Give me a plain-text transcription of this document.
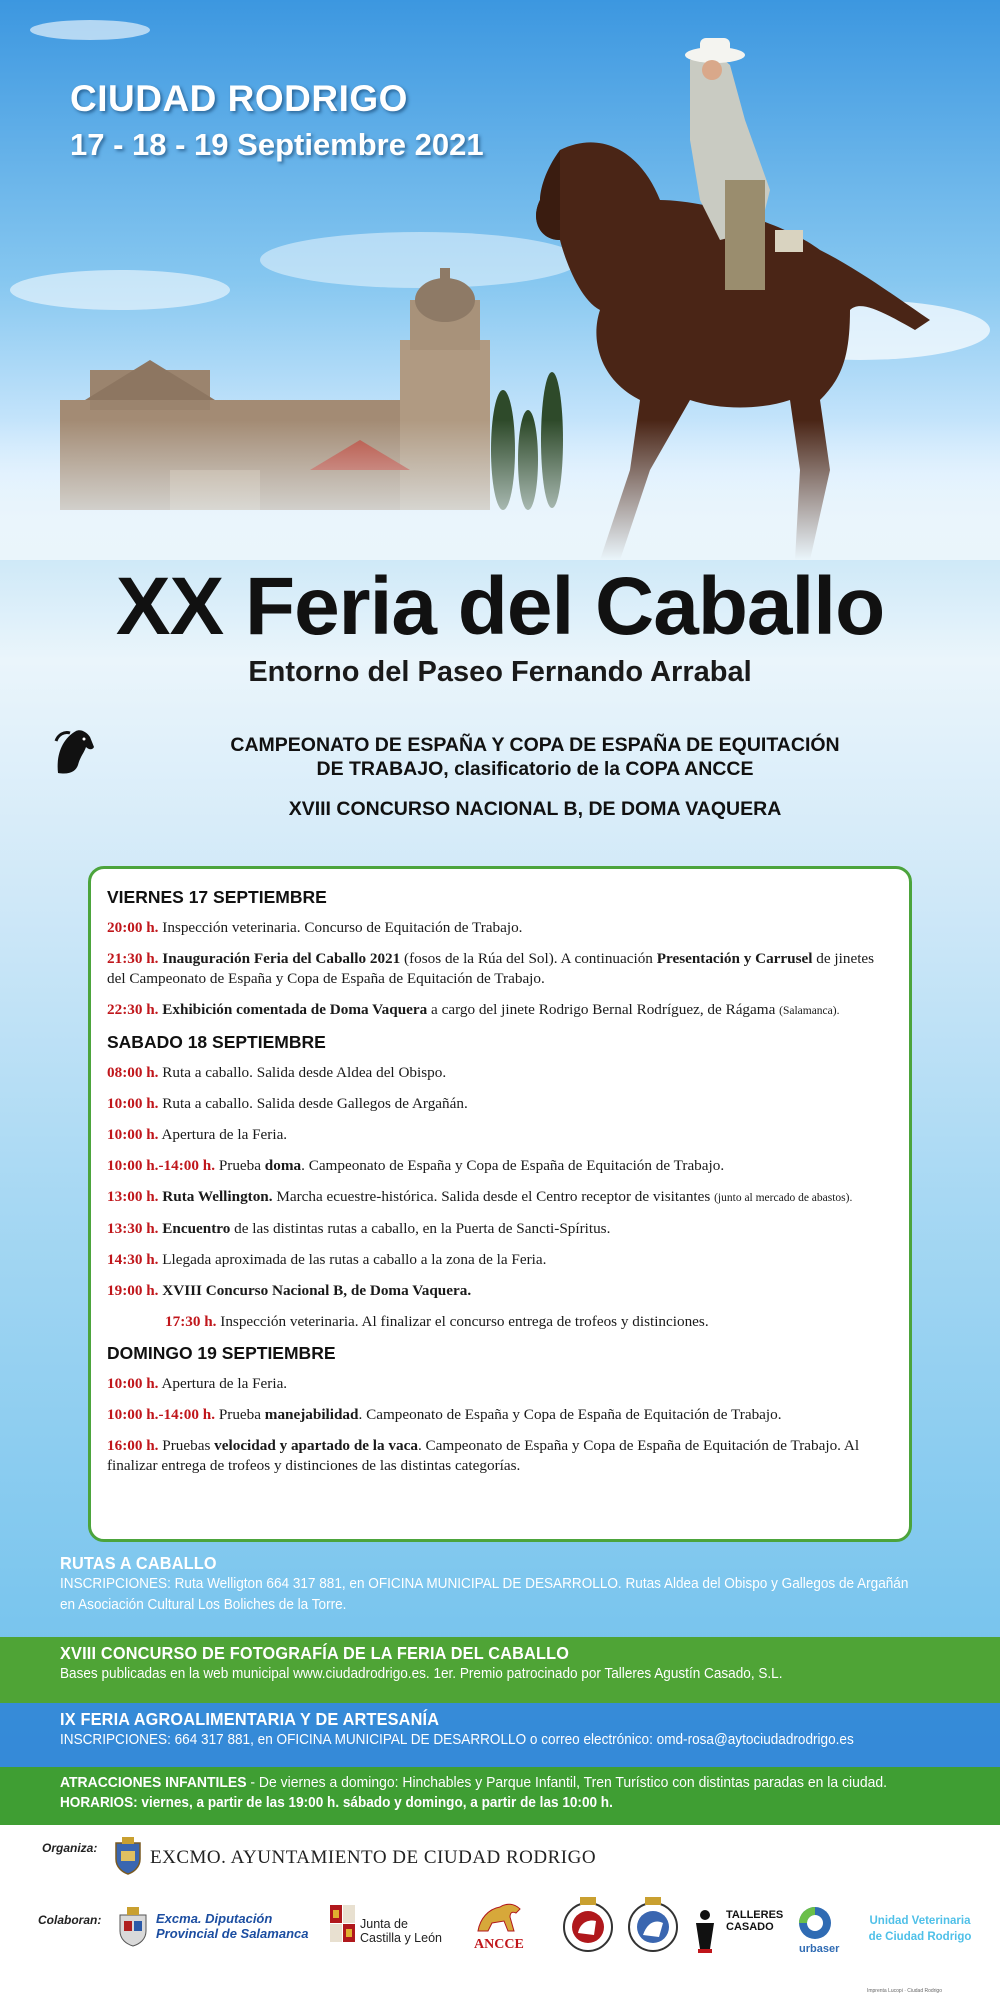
CIUDAD RODRIGO
17 - 18 - 19 Septiembre 2021
XX Feria del Caballo
Entorno del Paseo Fernando Arrabal
CAMPEONATO DE ESPAÑA Y COPA DE ESPAÑA DE EQUITACIÓN
DE TRABAJO, clasificatorio de la COPA ANCCE
XVIII CONCURSO NACIONAL B, DE DOMA VAQUERA
VIERNES 17 SEPTIEMBRE
20:00 h. Inspección veterinaria. Concurso de Equitación de Trabajo.
21:30 h. Inauguración Feria del Caballo 2021 (fosos de la Rúa del Sol). A continuación Presentación y Carrusel de jinetes del Campeonato de España y Copa de España de Equitación de Trabajo.
22:30 h. Exhibición comentada de Doma Vaquera a cargo del jinete Rodrigo Bernal Rodríguez, de Rágama (Salamanca).
SABADO 18 SEPTIEMBRE
08:00 h. Ruta a caballo. Salida desde Aldea del Obispo.
10:00 h. Ruta a caballo. Salida desde Gallegos de Argañán.
10:00 h. Apertura de la Feria.
10:00 h.-14:00 h. Prueba doma. Campeonato de España y Copa de España de Equitación de Trabajo.
13:00 h. Ruta Wellington. Marcha ecuestre-histórica. Salida desde el Centro receptor de visitantes (junto al mercado de abastos).
13:30 h. Encuentro de las distintas rutas a caballo, en la Puerta de Sancti-Spíritus.
14:30 h. Llegada aproximada de las rutas a caballo a la zona de la Feria.
19:00 h. XVIII Concurso Nacional B, de Doma Vaquera.
17:30 h. Inspección veterinaria. Al finalizar el concurso entrega de trofeos y distinciones.
DOMINGO 19 SEPTIEMBRE
10:00 h. Apertura de la Feria.
10:00 h.-14:00 h. Prueba manejabilidad. Campeonato de España y Copa de España de Equitación de Trabajo.
16:00 h. Pruebas velocidad y apartado de la vaca. Campeonato de España y Copa de España de Equitación de Trabajo. Al finalizar entrega de trofeos y distinciones de las distintas categorías.
RUTAS A CABALLO
INSCRIPCIONES: Ruta Welligton 664 317 881, en OFICINA MUNICIPAL DE DESARROLLO. Rutas Aldea del Obispo y Gallegos de Argañán
en Asociación Cultural Los Boliches de la Torre.
XVIII CONCURSO DE FOTOGRAFÍA DE LA FERIA DEL CABALLO
Bases publicadas en la web municipal www.ciudadrodrigo.es. 1er. Premio patrocinado por Talleres Agustín Casado, S.L.
IX FERIA AGROALIMENTARIA Y DE ARTESANÍA
INSCRIPCIONES: 664 317 881, en OFICINA MUNICIPAL DE DESARROLLO o correo electrónico: omd-rosa@aytociudadrodrigo.es
ATRACCIONES INFANTILES - De viernes a domingo: Hinchables y Parque Infantil, Tren Turístico con distintas paradas en la ciudad.
HORARIOS: viernes, a partir de las 19:00 h. sábado y domingo, a partir de las 10:00 h.
Organiza:	EXCMO. AYUNTAMIENTO DE CIUDAD RODRIGO
Colaboran:	Excma. Diputación
Provincial de Salamanca
Junta de
Castilla y León	ANCCE
TALLERES
CASADO
urbaser
Unidad Veterinaria
de Ciudad Rodrigo
Imprenta Lucopi · Ciudad Rodrigo
